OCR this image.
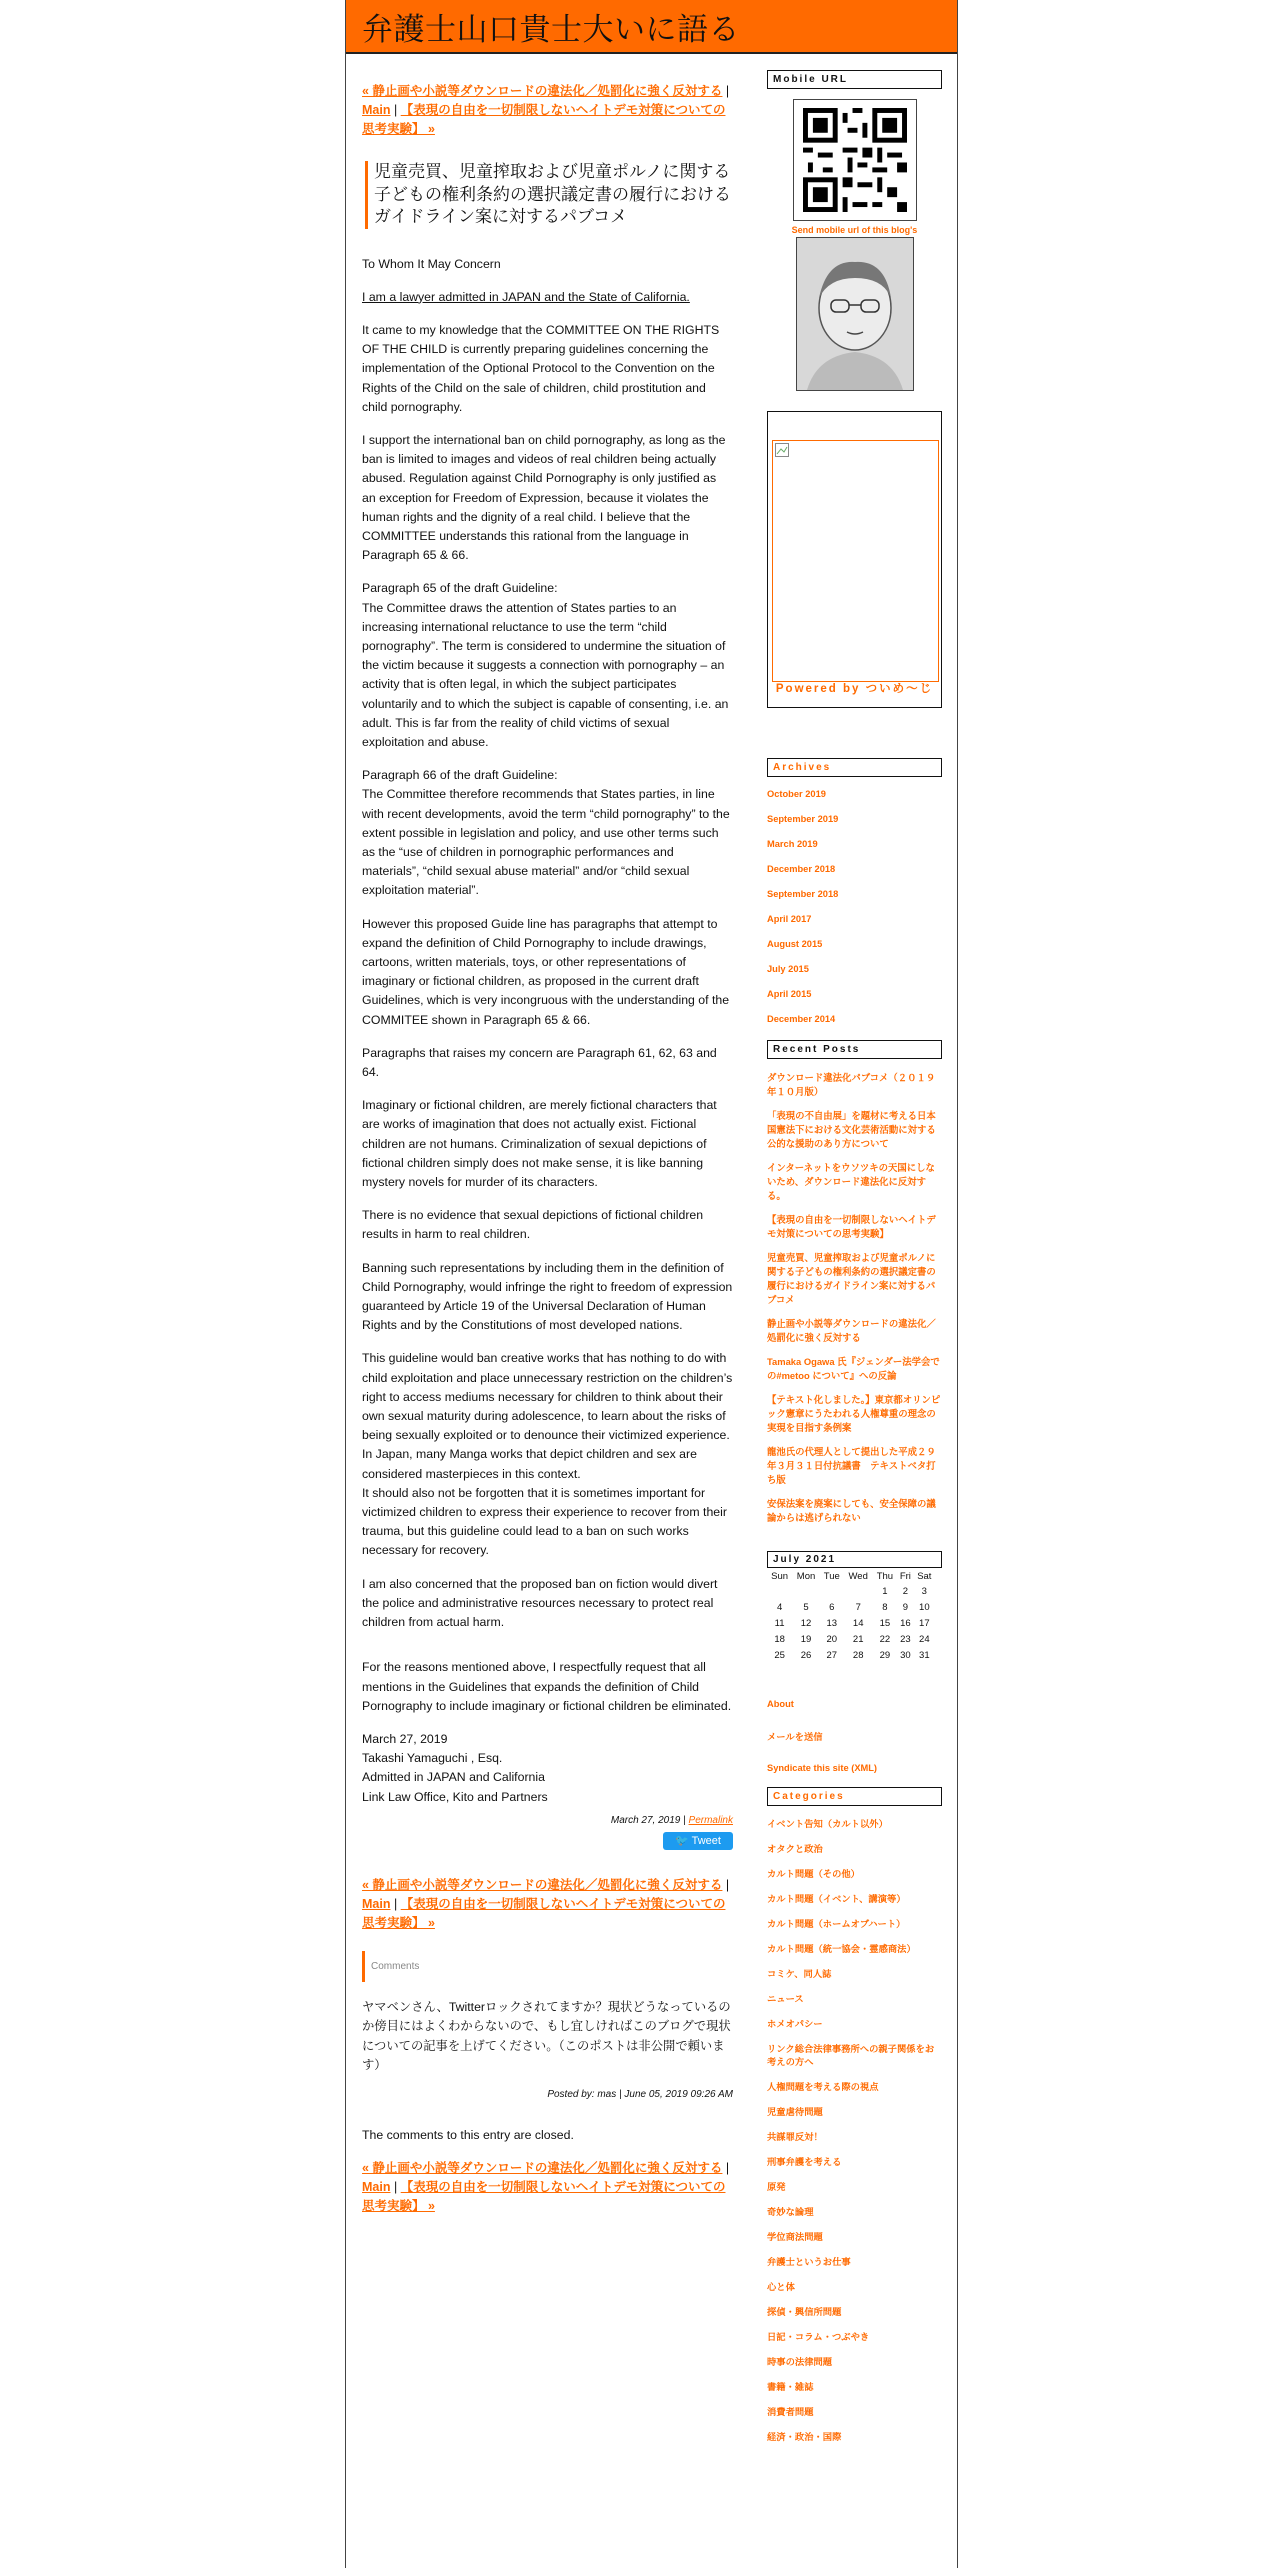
弁護士山口貴士大いに語る
« 静止画や小説等ダウンロードの違法化／処罰化に強く反対する | Main | 【表現の自由を一切制限しないヘイトデモ対策についての思考実験】 »
児童売買、児童搾取および児童ポルノに関する子どもの権利条約の選択議定書の履行におけるガイドライン案に対するパブコメ

To Whom It May Concern

I am a lawyer admitted in JAPAN and the State of California.

It came to my knowledge that the COMMITTEE ON THE RIGHTS OF THE CHILD is currently preparing guidelines concerning the implementation of the Optional Protocol to the Convention on the Rights of the Child on the sale of children, child prostitution and child pornography.

I support the international ban on child pornography, as long as the ban is limited to images and videos of real children being actually abused. Regulation against Child Pornography is only justified as an exception for Freedom of Expression, because it violates the human rights and the dignity of a real child. I believe that the COMMITTEE understands this rational from the language in Paragraph 65 & 66.

Paragraph 65 of the draft Guideline:
The Committee draws the attention of States parties to an increasing international reluctance to use the term “child pornography”. The term is considered to undermine the situation of the victim because it suggests a connection with pornography – an activity that is often legal, in which the subject participates voluntarily and to which the subject is capable of consenting, i.e. an adult. This is far from the reality of child victims of sexual exploitation and abuse.

Paragraph 66 of the draft Guideline:
The Committee therefore recommends that States parties, in line with recent developments, avoid the term “child pornography” to the extent possible in legislation and policy, and use other terms such as the “use of children in pornographic performances and materials”, “child sexual abuse material” and/or “child sexual exploitation material”.

However this proposed Guide line has paragraphs that attempt to expand the definition of Child Pornography to include drawings, cartoons, written materials, toys, or other representations of imaginary or fictional children, as proposed in the current draft Guidelines, which is very incongruous with the understanding of the COMMITEE shown in Paragraph 65 & 66.

Paragraphs that raises my concern are Paragraph 61, 62, 63 and 64.

Imaginary or fictional children, are merely fictional characters that are works of imagination that does not actually exist. Fictional children are not humans. Criminalization of sexual depictions of fictional children simply does not make sense, it is like banning mystery novels for murder of its characters.

There is no evidence that sexual depictions of fictional children results in harm to real children.

Banning such representations by including them in the definition of Child Pornography, would infringe the right to freedom of expression guaranteed by Article 19 of the Universal Declaration of Human Rights and by the Constitutions of most developed nations.

This guideline would ban creative works that has nothing to do with child exploitation and place unnecessary restriction on the children’s right to access mediums necessary for children to think about their own sexual maturity during adolescence, to learn about the risks of being sexually exploited or to denounce their victimized experience. In Japan, many Manga works that depict children and sex are considered masterpieces in this context.
It should also not be forgotten that it is sometimes important for victimized children to express their experience to recover from their trauma, but this guideline could lead to a ban on such works necessary for recovery.

I am also concerned that the proposed ban on fiction would divert the police and administrative resources necessary to protect real children from actual harm.

For the reasons mentioned above, I respectfully request that all mentions in the Guidelines that expands the definition of Child Pornography to include imaginary or fictional children be eliminated.

March 27, 2019
Takashi Yamaguchi , Esq.
Admitted in JAPAN and California
Link Law Office, Kito and Partners

March 27, 2019 | Permalink
🐦 Tweet
« 静止画や小説等ダウンロードの違法化／処罰化に強く反対する | Main | 【表現の自由を一切制限しないヘイトデモ対策についての思考実験】 »
Comments

ヤマベンさん、Twitterロックされてますか？現状どうなっているのか傍目にはよくわからないので、もし宜しければこのブログで現状についての記事を上げてください。（このポストは非公開で頼います）

Posted by: mas | June 05, 2019 09:26 AM

The comments to this entry are closed.

« 静止画や小説等ダウンロードの違法化／処罰化に強く反対する | Main | 【表現の自由を一切制限しないヘイトデモ対策についての思考実験】 »
Mobile URL
Send mobile url of this blog's
Powered by ついめ〜じ
Archives
October 2019
September 2019
March 2019
December 2018
September 2018
April 2017
August 2015
July 2015
April 2015
December 2014
Recent Posts
ダウンロード違法化パブコメ（２０１９年１０月版）
「表現の不自由展」を題材に考える日本国憲法下における文化芸術活動に対する公的な援助のあり方について
インターネットをウソツキの天国にしないため、ダウンロード違法化に反対する。
【表現の自由を一切制限しないヘイトデモ対策についての思考実験】
児童売買、児童搾取および児童ポルノに関する子どもの権利条約の選択議定書の履行におけるガイドライン案に対するパブコメ
静止画や小説等ダウンロードの違法化／処罰化に強く反対する
Tamaka Ogawa 氏『ジェンダー法学会での#metoo について』への反論
【テキスト化しました。】東京都オリンピック憲章にうたわれる人権尊重の理念の実現を目指す条例案
龍池氏の代理人として提出した平成２９年３月３１日付抗議書　テキストベタ打ち版
安保法案を廃案にしても、安全保障の議論からは逃げられない
July 2021
Sun	Mon	Tue	Wed	Thu	Fri	Sat
				1	2	3
4	5	6	7	8	9	10
11	12	13	14	15	16	17
18	19	20	21	22	23	24
25	26	27	28	29	30	31
About
メールを送信
Syndicate this site (XML)
Categories
イベント告知（カルト以外）
オタクと政治
カルト問題（その他）
カルト問題（イベント、講演等）
カルト問題（ホームオブハート）
カルト問題（統一協会・霊感商法）
コミケ、同人誌
ニュース
ホメオパシー
リンク総合法律事務所への親子関係をお考えの方へ
人権問題を考える際の視点
児童虐待問題
共謀罪反対！
刑事弁護を考える
原発
奇妙な論理
学位商法問題
弁護士というお仕事
心と体
探偵・興信所問題
日記・コラム・つぶやき
時事の法律問題
書籍・雑誌
消費者問題
経済・政治・国際
